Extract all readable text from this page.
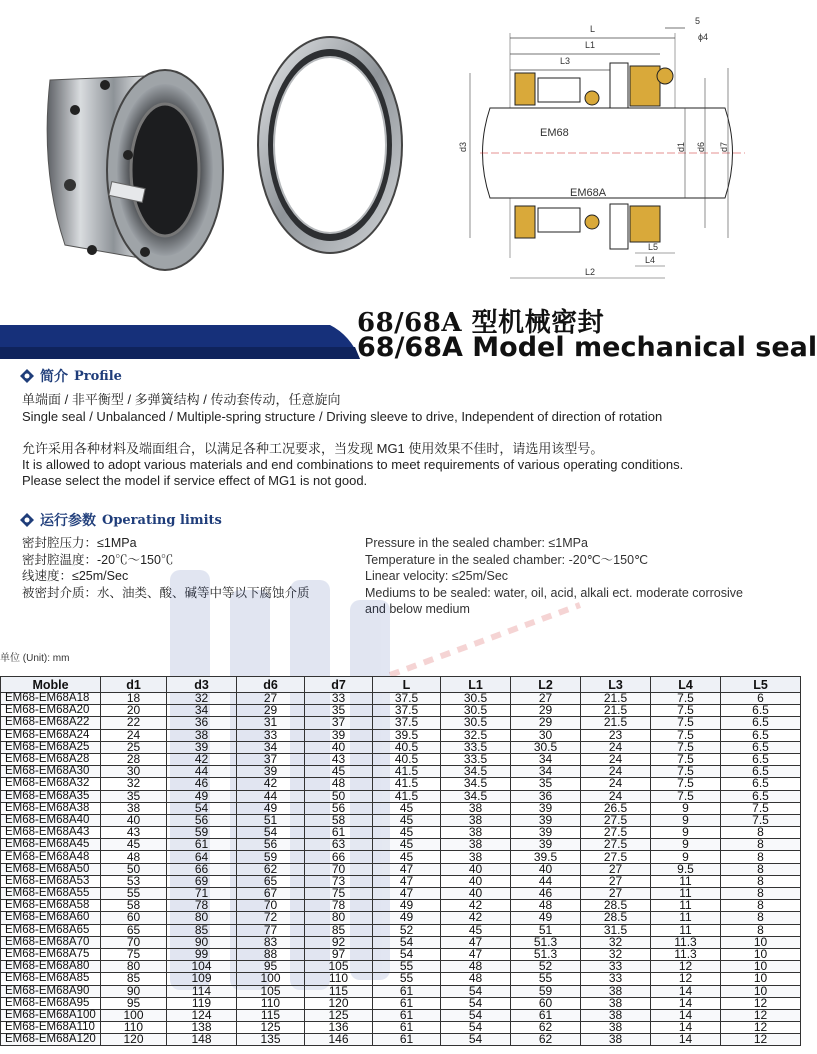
L
5
ϕ4
L1
L3
EM68
EM68A
d3	d1 d6 d7
L5
L4
L2
68/68A 型机械密封
68/68A Model mechanical seal
简介 Profile
单端面 / 非平衡型 / 多弹簧结构 / 传动套传动，任意旋向
Single seal / Unbalanced / Multiple-spring structure / Driving sleeve to drive, Independent of direction of rotation
允许采用各种材料及端面组合，以满足各种工况要求，当发现 MG1 使用效果不佳时，请选用该型号。
It is allowed to adopt various materials and end combinations to meet requirements of various operating conditions.
Please select the model if service effect of MG1 is not good.
运行参数 Operating limits
密封腔压力：≤1MPa
密封腔温度：-20℃～150℃
线速度：≤25m/Sec
被密封介质：水、油类、酸、碱等中等以下腐蚀介质
Pressure in the sealed chamber: ≤1MPa
Temperature in the sealed chamber: -20℃～150℃
Linear velocity: ≤25m/Sec
Mediums to be sealed: water, oil, acid, alkali ect. moderate corrosive
and below medium
单位 (Unit): mm
Moble	d1	d3	d6	d7	L	L1	L2	L3	L4	L5
EM68-EM68A18	18	32	27	33	37.5	30.5	27	21.5	7.5	6
EM68-EM68A20	20	34	29	35	37.5	30.5	29	21.5	7.5	6.5
EM68-EM68A22	22	36	31	37	37.5	30.5	29	21.5	7.5	6.5
EM68-EM68A24	24	38	33	39	39.5	32.5	30	23	7.5	6.5
EM68-EM68A25	25	39	34	40	40.5	33.5	30.5	24	7.5	6.5
EM68-EM68A28	28	42	37	43	40.5	33.5	34	24	7.5	6.5
EM68-EM68A30	30	44	39	45	41.5	34.5	34	24	7.5	6.5
EM68-EM68A32	32	46	42	48	41.5	34.5	35	24	7.5	6.5
EM68-EM68A35	35	49	44	50	41.5	34.5	36	24	7.5	6.5
EM68-EM68A38	38	54	49	56	45	38	39	26.5	9	7.5
EM68-EM68A40	40	56	51	58	45	38	39	27.5	9	7.5
EM68-EM68A43	43	59	54	61	45	38	39	27.5	9	8
EM68-EM68A45	45	61	56	63	45	38	39	27.5	9	8
EM68-EM68A48	48	64	59	66	45	38	39.5	27.5	9	8
EM68-EM68A50	50	66	62	70	47	40	40	27	9.5	8
EM68-EM68A53	53	69	65	73	47	40	44	27	11	8
EM68-EM68A55	55	71	67	75	47	40	46	27	11	8
EM68-EM68A58	58	78	70	78	49	42	48	28.5	11	8
EM68-EM68A60	60	80	72	80	49	42	49	28.5	11	8
EM68-EM68A65	65	85	77	85	52	45	51	31.5	11	8
EM68-EM68A70	70	90	83	92	54	47	51.3	32	11.3	10
EM68-EM68A75	75	99	88	97	54	47	51.3	32	11.3	10
EM68-EM68A80	80	104	95	105	55	48	52	33	12	10
EM68-EM68A85	85	109	100	110	55	48	55	33	12	10
EM68-EM68A90	90	114	105	115	61	54	59	38	14	10
EM68-EM68A95	95	119	110	120	61	54	60	38	14	12
EM68-EM68A100	100	124	115	125	61	54	61	38	14	12
EM68-EM68A110	110	138	125	136	61	54	62	38	14	12
EM68-EM68A120	120	148	135	146	61	54	62	38	14	12
